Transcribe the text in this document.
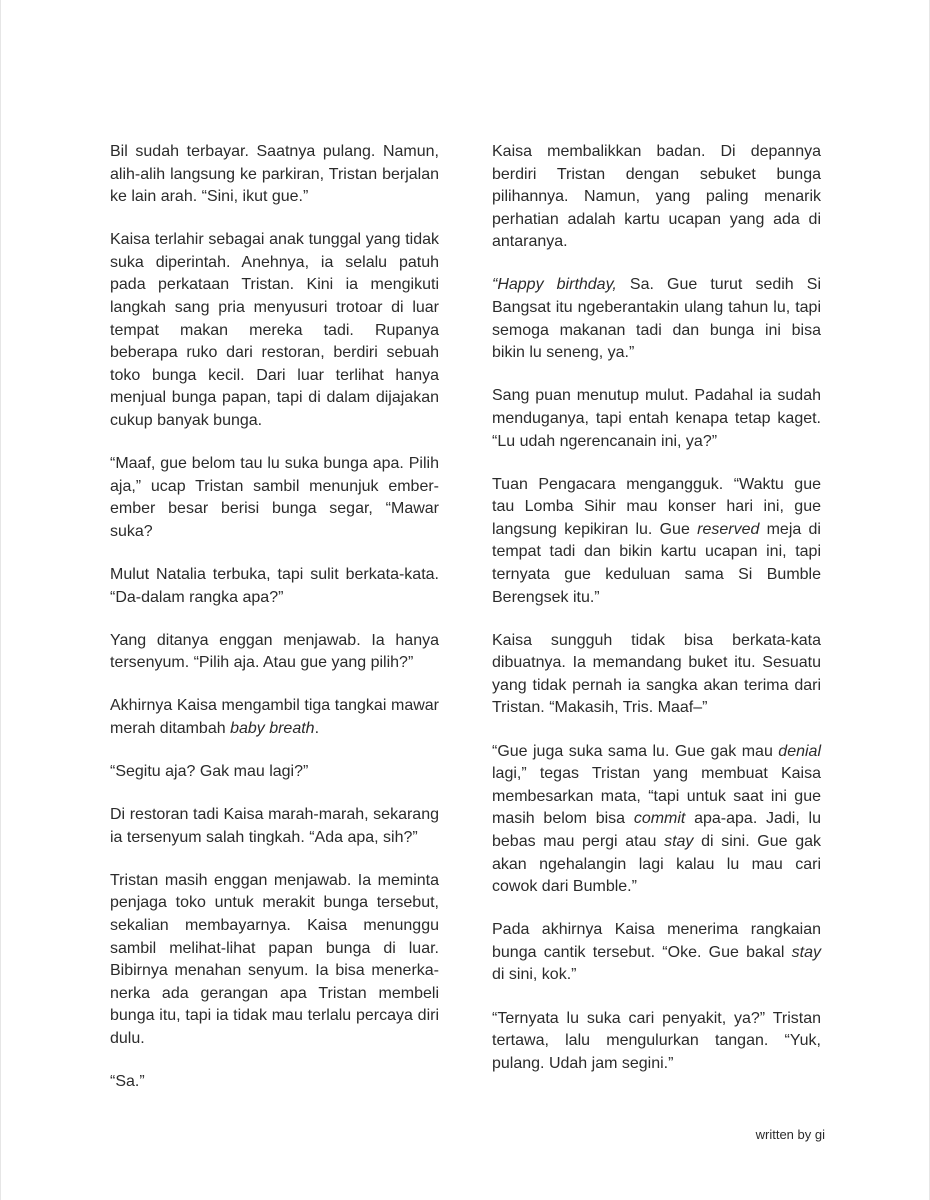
Bil sudah terbayar. Saatnya pulang. Namun, alih-alih langsung ke parkiran, Tristan berjalan ke lain arah. “Sini, ikut gue.”

Kaisa terlahir sebagai anak tunggal yang tidak suka diperintah. Anehnya, ia selalu patuh pada perkataan Tristan. Kini ia mengikuti langkah sang pria menyusuri trotoar di luar tempat makan mereka tadi. Rupanya beberapa ruko dari restoran, berdiri sebuah toko bunga kecil. Dari luar terlihat hanya menjual bunga papan, tapi di dalam dijajakan cukup banyak bunga.

“Maaf, gue belom tau lu suka bunga apa. Pilih aja,” ucap Tristan sambil menunjuk ember-ember besar berisi bunga segar, “Mawar suka?

Mulut Natalia terbuka, tapi sulit berkata-kata. “Da-dalam rangka apa?”

Yang ditanya enggan menjawab. Ia hanya tersenyum. “Pilih aja. Atau gue yang pilih?”

Akhirnya Kaisa mengambil tiga tangkai mawar merah ditambah baby breath.

“Segitu aja? Gak mau lagi?”

Di restoran tadi Kaisa marah-marah, sekarang ia tersenyum salah tingkah. “Ada apa, sih?”

Tristan masih enggan menjawab. Ia meminta penjaga toko untuk merakit bunga tersebut, sekalian membayarnya. Kaisa menunggu sambil melihat-lihat papan bunga di luar. Bibirnya menahan senyum. Ia bisa menerka-nerka ada gerangan apa Tristan membeli bunga itu, tapi ia tidak mau terlalu percaya diri dulu.

“Sa.”

Kaisa membalikkan badan. Di depannya berdiri Tristan dengan sebuket bunga pilihannya. Namun, yang paling menarik perhatian adalah kartu ucapan yang ada di antaranya.

“Happy birthday, Sa. Gue turut sedih Si Bangsat itu ngeberantakin ulang tahun lu, tapi semoga makanan tadi dan bunga ini bisa bikin lu seneng, ya.”

Sang puan menutup mulut. Padahal ia sudah menduganya, tapi entah kenapa tetap kaget. “Lu udah ngerencanain ini, ya?”

Tuan Pengacara mengangguk. “Waktu gue tau Lomba Sihir mau konser hari ini, gue langsung kepikiran lu. Gue reserved meja di tempat tadi dan bikin kartu ucapan ini, tapi ternyata gue keduluan sama Si Bumble Berengsek itu.”

Kaisa sungguh tidak bisa berkata-kata dibuatnya. Ia memandang buket itu. Sesuatu yang tidak pernah ia sangka akan terima dari Tristan. “Makasih, Tris. Maaf–”

“Gue juga suka sama lu. Gue gak mau denial lagi,” tegas Tristan yang membuat Kaisa membesarkan mata, “tapi untuk saat ini gue masih belom bisa commit apa-apa. Jadi, lu bebas mau pergi atau stay di sini. Gue gak akan ngehalangin lagi kalau lu mau cari cowok dari Bumble.”

Pada akhirnya Kaisa menerima rangkaian bunga cantik tersebut. “Oke. Gue bakal stay di sini, kok.”

“Ternyata lu suka cari penyakit, ya?” Tristan tertawa, lalu mengulurkan tangan. “Yuk, pulang. Udah jam segini.”

written by gi
